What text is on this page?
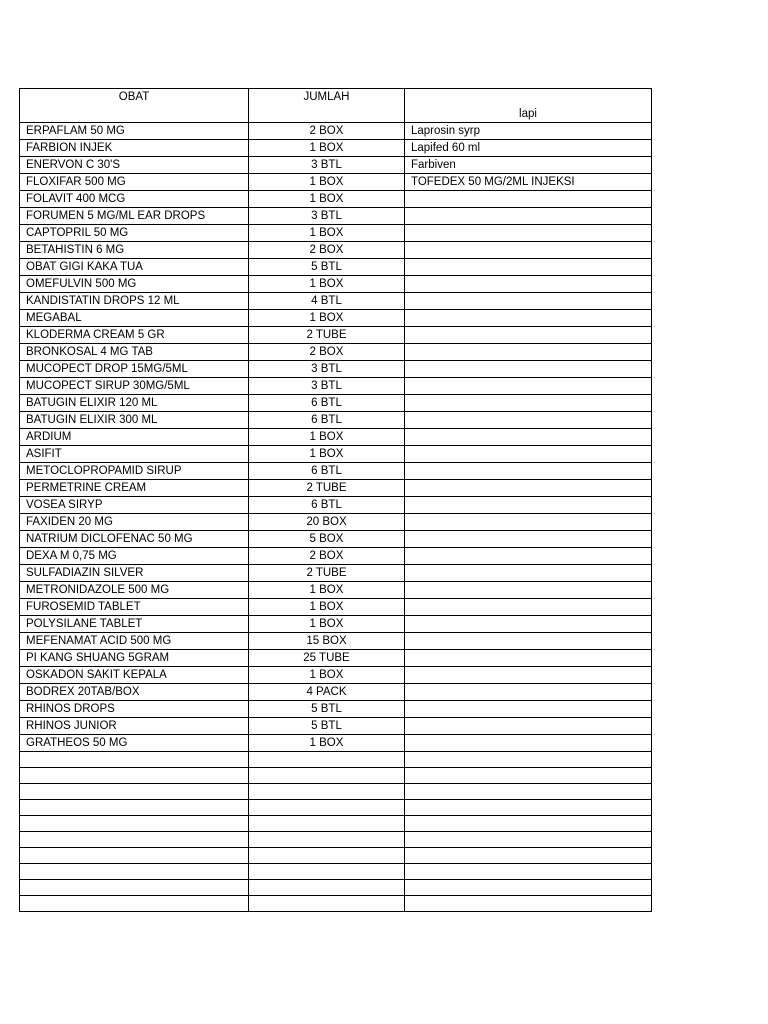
OBAT	JUMLAH	lapi
ERPAFLAM 50 MG	2 BOX	Laprosin syrp
FARBION INJEK	1 BOX	Lapifed 60 ml
ENERVON C 30'S	3 BTL	Farbiven
FLOXIFAR 500 MG	1 BOX	TOFEDEX 50 MG/2ML INJEKSI
FOLAVIT 400 MCG	1 BOX	
FORUMEN 5 MG/ML EAR DROPS	3 BTL	
CAPTOPRIL 50 MG	1 BOX	
BETAHISTIN 6 MG	2 BOX	
OBAT GIGI KAKA TUA	5 BTL	
OMEFULVIN 500 MG	1 BOX	
KANDISTATIN DROPS 12 ML	4 BTL	
MEGABAL	1 BOX	
KLODERMA CREAM 5 GR	2 TUBE	
BRONKOSAL 4 MG TAB	2 BOX	
MUCOPECT DROP 15MG/5ML	3 BTL	
MUCOPECT SIRUP 30MG/5ML	3 BTL	
BATUGIN ELIXIR 120 ML	6 BTL	
BATUGIN ELIXIR 300 ML	6 BTL	
ARDIUM	1 BOX	
ASIFIT	1 BOX	
METOCLOPROPAMID SIRUP	6 BTL	
PERMETRINE CREAM	2 TUBE	
VOSEA SIRYP	6 BTL	
FAXIDEN 20 MG	20 BOX	
NATRIUM DICLOFENAC 50 MG	5 BOX	
DEXA M 0,75 MG	2 BOX	
SULFADIAZIN SILVER	2 TUBE	
METRONIDAZOLE 500 MG	1 BOX	
FUROSEMID TABLET	1 BOX	
POLYSILANE TABLET	1 BOX	
MEFENAMAT ACID 500 MG	15 BOX	
PI KANG SHUANG 5GRAM	25 TUBE	
OSKADON SAKIT KEPALA	1 BOX	
BODREX 20TAB/BOX	4 PACK	
RHINOS DROPS	5 BTL	
RHINOS JUNIOR	5 BTL	
GRATHEOS 50 MG	1 BOX	
